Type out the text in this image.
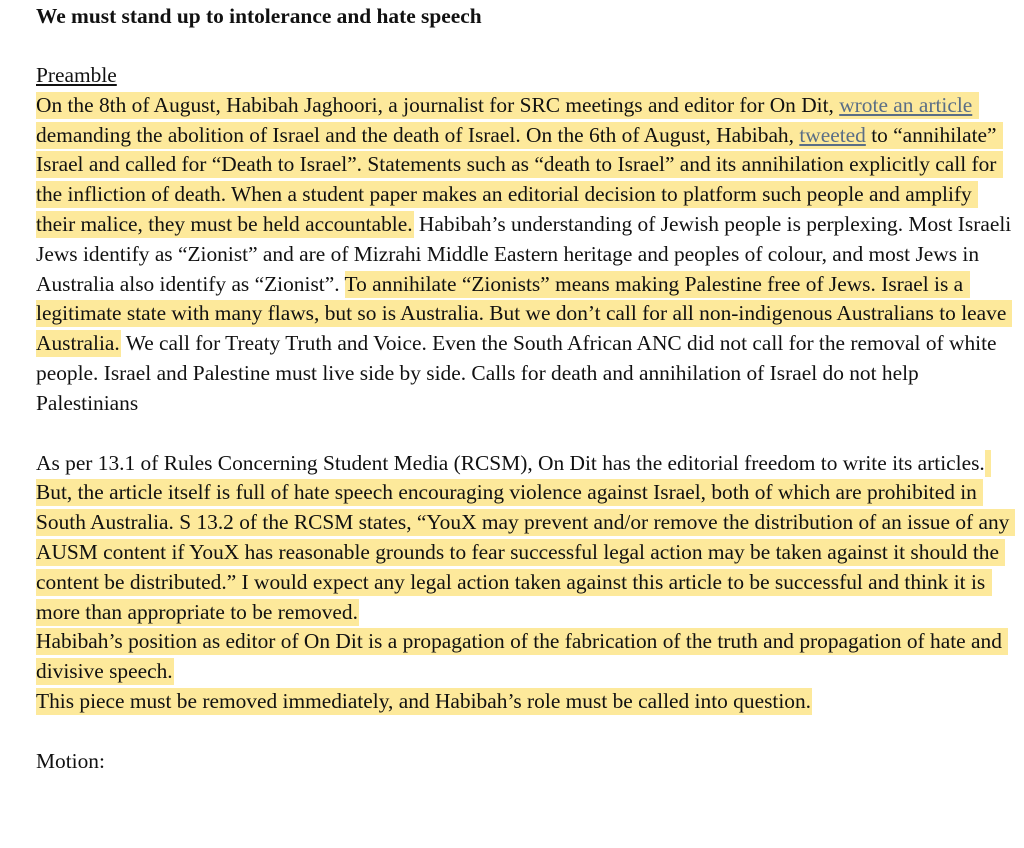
We must stand up to intolerance and hate speech

Preamble

On the 8th of August, Habibah Jaghoori, a journalist for SRC meetings and editor for On Dit, wrote an article demanding the abolition of Israel and the death of Israel. On the 6th of August, Habibah, tweeted to “annihilate” Israel and called for “Death to Israel”. Statements such as “death to Israel” and its annihilation explicitly call for the infliction of death. When a student paper makes an editorial decision to platform such people and amplify their malice, they must be held accountable. Habibah’s understanding of Jewish people is perplexing. Most Israeli Jews identify as “Zionist” and are of Mizrahi Middle Eastern heritage and peoples of colour, and most Jews in Australia also identify as “Zionist”. To annihilate “Zionists” means making Palestine free of Jews. Israel is a legitimate state with many flaws, but so is Australia. But we don’t call for all non-indigenous Australians to leave Australia. We call for Treaty Truth and Voice. Even the South African ANC did not call for the removal of white people. Israel and Palestine must live side by side. Calls for death and annihilation of Israel do not help Palestinians

As per 13.1 of Rules Concerning Student Media (RCSM), On Dit has the editorial freedom to write its articles. But, the article itself is full of hate speech encouraging violence against Israel, both of which are prohibited in South Australia. S 13.2 of the RCSM states, “YouX may prevent and/or remove the distribution of an issue of any AUSM content if YouX has reasonable grounds to fear successful legal action may be taken against it should the content be distributed.” I would expect any legal action taken against this article to be successful and think it is more than appropriate to be removed.

Habibah’s position as editor of On Dit is a propagation of the fabrication of the truth and propagation of hate and divisive speech.

This piece must be removed immediately, and Habibah’s role must be called into question.

Motion:
